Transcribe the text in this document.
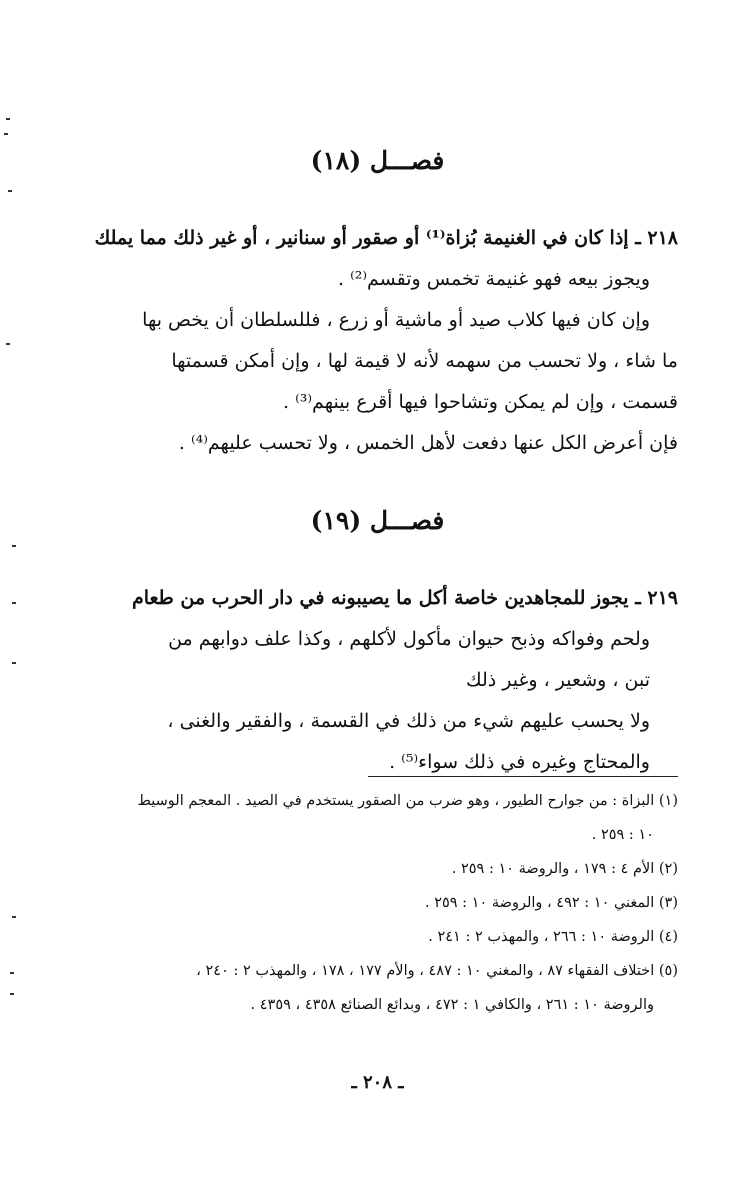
فصـــل (١٨)
٢١٨ ـ إذا كان في الغنيمة بُزاة⁽¹⁾ أو صقور أو سنانير ، أو غير ذلك مما يملك
ويجوز بيعه فهو غنيمة تخمس وتقسم⁽²⁾ .
وإن كان فيها كلاب صيد أو ماشية أو زرع ، فللسلطان أن يخص بها
ما شاء ، ولا تحسب من سهمه لأنه لا قيمة لها ، وإن أمكن قسمتها
قسمت ، وإن لم يمكن وتشاحوا فيها أقرع بينهم⁽³⁾ .
فإن أعرض الكل عنها دفعت لأهل الخمس ، ولا تحسب عليهم⁽⁴⁾ .
فصـــل (١٩)
٢١٩ ـ يجوز للمجاهدين خاصة أكل ما يصيبونه في دار الحرب من طعام
ولحم وفواكه وذبح حيوان مأكول لأكلهم ، وكذا علف دوابهم من
تبن ، وشعير ، وغير ذلك
ولا يحسب عليهم شيء من ذلك في القسمة ، والفقير والغنى ،
والمحتاج وغيره في ذلك سواء⁽⁵⁾ .
(١) البزاة : من جوارح الطيور ، وهو ضرب من الصقور يستخدم في الصيد . المعجم الوسيط
١٠ : ٢٥٩ .
(٢) الأم ٤ : ١٧٩ ، والروضة ١٠ : ٢٥٩ .
(٣) المغني ١٠ : ٤٩٢ ، والروضة ١٠ : ٢٥٩ .
(٤) الروضة ١٠ : ٢٦٦ ، والمهذب ٢ : ٢٤١ .
(٥) اختلاف الفقهاء ٨٧ ، والمغني ١٠ : ٤٨٧ ، والأم ١٧٧ ، ١٧٨ ، والمهذب ٢ : ٢٤٠ ،
والروضة ١٠ : ٢٦١ ، والكافي ١ : ٤٧٢ ، وبدائع الصنائع ٤٣٥٨ ، ٤٣٥٩ .
ـ ٢٠٨ ـ
